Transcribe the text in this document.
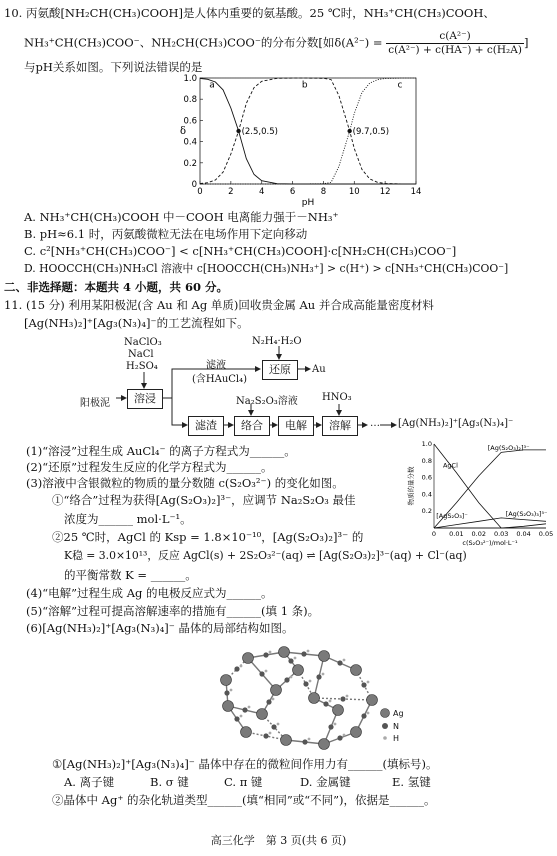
10. 丙氨酸[NH₂CH(CH₃)COOH]是人体内重要的氨基酸。25 ℃时，NH₃⁺CH(CH₃)COOH、
NH₃⁺CH(CH₃)COO⁻、NH₂CH(CH₃)COO⁻的分布分数[如$\delta(A^{2-}) = \frac{\text{c(A²⁻)}}{\text{c(A²⁻) + c(HA⁻) + c(H₂A)}}$ ]
与pH关系如图。下列说法错误的是
0	2	4	6	8	10 12 14
0
0.2
0.4
0.6
0.8
1.0
pH
δ
a	b	c
(2.5,0.5)	(9.7,0.5)
A. NH₃⁺CH(CH₃)COOH 中－COOH 电离能力强于－NH₃⁺
B. pH≈6.1 时，丙氨酸微粒无法在电场作用下定向移动
C. c²[NH₃⁺CH(CH₃)COO⁻] < c[NH₃⁺CH(CH₃)COOH]·c[NH₂CH(CH₃)COO⁻]
D. HOOCCH(CH₃)NH₃Cl 溶液中 c[HOOCCH(CH₃)NH₃⁺] > c(H⁺) > c[NH₃⁺CH(CH₃)COO⁻]
二、非选择题：本题共 4 小题，共 60 分。
11. (15 分) 利用某阳极泥(含 Au 和 Ag 单质)回收贵金属 Au 并合成高能量密度材料
[Ag(NH₃)₂]⁺[Ag₃(N₃)₄]⁻的工艺流程如下。
NaClO₃
NaCl
H₂SO₄
阳极泥	溶浸
滤液
(含HAuCl₄)
N₂H₄·H₂O
还原	Au
滤渣
Na₂S₂O₃溶液
络合	电解
HNO₃
溶解	… [Ag(NH₃)₂]⁺[Ag₃(N₃)₄]⁻
(1)“溶浸”过程生成 AuCl₄⁻ 的离子方程式为______。
(2)“还原”过程发生反应的化学方程式为______。
(3)溶液中含银微粒的物质的量分数随 c(S₂O₃²⁻) 的变化如图。
①“络合”过程为获得[Ag(S₂O₃)₂]³⁻，应调节 Na₂S₂O₃ 最佳
浓度为______ mol·L⁻¹。
②25 ℃时，AgCl 的 Ksp = 1.8×10⁻¹⁰，[Ag(S₂O₃)₂]³⁻ 的
K稳 = 3.0×10¹³，反应 AgCl(s) + 2S₂O₃²⁻(aq) ⇌ [Ag(S₂O₃)₂]³⁻(aq) + Cl⁻(aq)
的平衡常数 K = ______。
0 0.01 0.02 0.03 0.04 0.05
0.2
0.4
0.6
0.8
1.0
c(S₂O₃²⁻)/mol·L⁻¹
物质的量分数
AgCl
[Ag(S₂O₃)₂]³⁻
[AgS₂O₃]⁻	[Ag(S₂O₃)₃]⁵⁻
(4)“电解”过程生成 Ag 的电极反应式为______。
(5)“溶解”过程可提高溶解速率的措施有______(填 1 条)。
(6)[Ag(NH₃)₂]⁺[Ag₃(N₃)₄]⁻ 晶体的局部结构如图。
Ag
N
H
①[Ag(NH₃)₂]⁺[Ag₃(N₃)₄]⁻ 晶体中存在的微粒间作用力有______(填标号)。
A. 离子键	B. σ 键	C. π 键	D. 金属键	E. 氢键
②晶体中 Ag⁺ 的杂化轨道类型______(填“相同”或“不同”)，依据是______。
高三化学　第 3 页(共 6 页)
